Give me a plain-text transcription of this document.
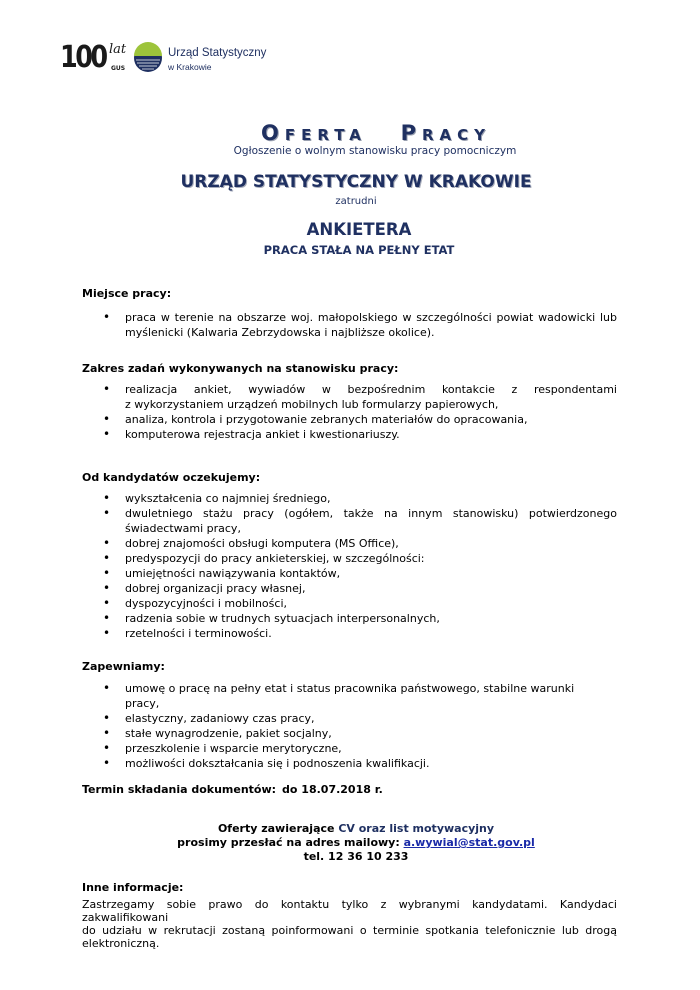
100 lat
GUS
Urząd Statystyczny
w Krakowie
OFERTA PRACY
Ogłoszenie o wolnym stanowisku pracy pomocniczym
URZĄD STATYSTYCZNY W KRAKOWIE
zatrudni
ANKIETERA
PRACA STAŁA NA PEŁNY ETAT
Miejsce pracy:
• praca w terenie na obszarze woj. małopolskiego w szczególności powiat wadowicki lub myślenicki (Kalwaria Zebrzydowska i najbliższe okolice).
Zakres zadań wykonywanych na stanowisku pracy:
• realizacja ankiet, wywiadów w bezpośrednim kontakcie z respondentami
z wykorzystaniem urządzeń mobilnych lub formularzy papierowych,
• analiza, kontrola i przygotowanie zebranych materiałów do opracowania,
• komputerowa rejestracja ankiet i kwestionariuszy.
Od kandydatów oczekujemy:
• wykształcenia co najmniej średniego,
• dwuletniego stażu pracy (ogółem, także na innym stanowisku) potwierdzonego świadectwami pracy,
• dobrej znajomości obsługi komputera (MS Office),
• predyspozycji do pracy ankieterskiej, w szczególności:
• umiejętności nawiązywania kontaktów,
• dobrej organizacji pracy własnej,
• dyspozycyjności i mobilności,
• radzenia sobie w trudnych sytuacjach interpersonalnych,
• rzetelności i terminowości.
Zapewniamy:
• umowę o pracę na pełny etat i status pracownika państwowego, stabilne warunki pracy,
• elastyczny, zadaniowy czas pracy,
• stałe wynagrodzenie, pakiet socjalny,
• przeszkolenie i wsparcie merytoryczne,
• możliwości dokształcania się i podnoszenia kwalifikacji.
Termin składania dokumentów: do 18.07.2018 r.
Oferty zawierające CV oraz list motywacyjny
prosimy przesłać na adres mailowy: a.wywial@stat.gov.pl
tel. 12 36 10 233
Inne informacje:
Zastrzegamy sobie prawo do kontaktu tylko z wybranymi kandydatami. Kandydaci
zakwalifikowani
do udziału w rekrutacji zostaną poinformowani o terminie spotkania telefonicznie lub drogą
elektroniczną.
